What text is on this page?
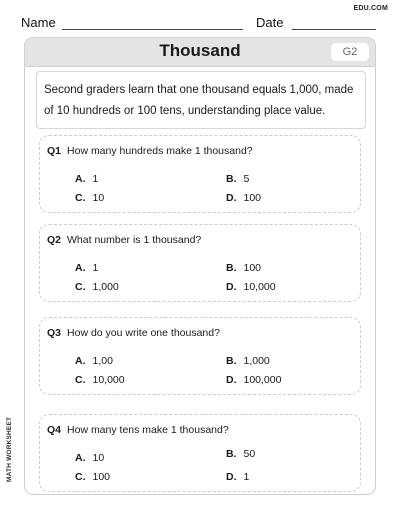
EDU.COM
Name	Date
Thousand	G2
Second graders learn that one thousand equals 1,000, made of 10 hundreds or 100 tens, understanding place value.
Q1 How many hundreds make 1 thousand?
A. 1	B. 5
C. 10	D. 100
Q2 What number is 1 thousand?
A. 1	B. 100
C. 1,000	D. 10,000
Q3 How do you write one thousand?
A. 1,00	B. 1,000
C. 10,000	D. 100,000
Q4 How many tens make 1 thousand?
A. 10	B. 50
C. 100	D. 1
MATH WORKSHEET
